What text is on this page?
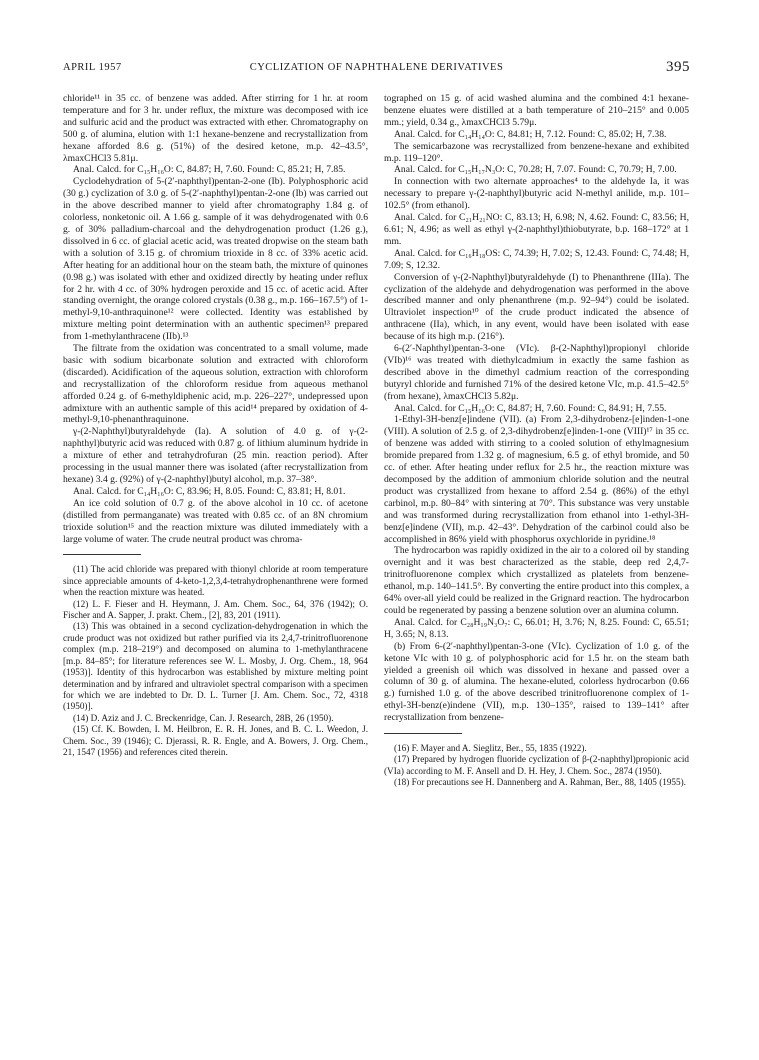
APRIL 1957	CYCLIZATION OF NAPHTHALENE DERIVATIVES	395

chloride¹¹ in 35 cc. of benzene was added. After stirring for 1 hr. at room temperature and for 3 hr. under reflux, the mixture was decomposed with ice and sulfuric acid and the product was extracted with ether. Chromatography on 500 g. of alumina, elution with 1:1 hexane-benzene and recrystallization from hexane afforded 8.6 g. (51%) of the desired ketone, m.p. 42–43.5°, λmaxCHCl3 5.81μ.

Anal. Calcd. for C₁₅H₁₆O: C, 84.87; H, 7.60. Found: C, 85.21; H, 7.85.

Cyclodehydration of 5-(2′-naphthyl)pentan-2-one (Ib). Polyphosphoric acid (30 g.) cyclization of 3.0 g. of 5-(2′-naphthyl)pentan-2-one (Ib) was carried out in the above described manner to yield after chromatography 1.84 g. of colorless, nonketonic oil. A 1.66 g. sample of it was dehydrogenated with 0.6 g. of 30% palladium-charcoal and the dehydrogenation product (1.26 g.), dissolved in 6 cc. of glacial acetic acid, was treated dropwise on the steam bath with a solution of 3.15 g. of chromium trioxide in 8 cc. of 33% acetic acid. After heating for an additional hour on the steam bath, the mixture of quinones (0.98 g.) was isolated with ether and oxidized directly by heating under reflux for 2 hr. with 4 cc. of 30% hydrogen peroxide and 15 cc. of acetic acid. After standing overnight, the orange colored crystals (0.38 g., m.p. 166–167.5°) of 1-methyl-9,10-anthraquinone¹² were collected. Identity was established by mixture melting point determination with an authentic specimen¹³ prepared from 1-methylanthracene (IIb).¹³

The filtrate from the oxidation was concentrated to a small volume, made basic with sodium bicarbonate solution and extracted with chloroform (discarded). Acidification of the aqueous solution, extraction with chloroform and recrystallization of the chloroform residue from aqueous methanol afforded 0.24 g. of 6-methyldiphenic acid, m.p. 226–227°, undepressed upon admixture with an authentic sample of this acid¹⁴ prepared by oxidation of 4-methyl-9,10-phenanthraquinone.

γ-(2-Naphthyl)butyraldehyde (Ia). A solution of 4.0 g. of γ-(2-naphthyl)butyric acid was reduced with 0.87 g. of lithium aluminum hydride in a mixture of ether and tetrahydrofuran (25 min. reaction period). After processing in the usual manner there was isolated (after recrystallization from hexane) 3.4 g. (92%) of γ-(2-naphthyl)butyl alcohol, m.p. 37–38°.

Anal. Calcd. for C₁₄H₁₆O: C, 83.96; H, 8.05. Found: C, 83.81; H, 8.01.

An ice cold solution of 0.7 g. of the above alcohol in 10 cc. of acetone (distilled from permanganate) was treated with 0.85 cc. of an 8N chromium trioxide solution¹⁵ and the reaction mixture was diluted immediately with a large volume of water. The crude neutral product was chroma-

(11) The acid chloride was prepared with thionyl chloride at room temperature since appreciable amounts of 4-keto-1,2,3,4-tetrahydrophenanthrene were formed when the reaction mixture was heated.

(12) L. F. Fieser and H. Heymann, J. Am. Chem. Soc., 64, 376 (1942); O. Fischer and A. Sapper, J. prakt. Chem., [2], 83, 201 (1911).

(13) This was obtained in a second cyclization-dehydrogenation in which the crude product was not oxidized but rather purified via its 2,4,7-trinitrofluorenone complex (m.p. 218–219°) and decomposed on alumina to 1-methylanthracene [m.p. 84–85°; for literature references see W. L. Mosby, J. Org. Chem., 18, 964 (1953)]. Identity of this hydrocarbon was established by mixture melting point determination and by infrared and ultraviolet spectral comparison with a specimen for which we are indebted to Dr. D. L. Turner [J. Am. Chem. Soc., 72, 4318 (1950)].

(14) D. Aziz and J. C. Breckenridge, Can. J. Research, 28B, 26 (1950).

(15) Cf. K. Bowden, I. M. Heilbron, E. R. H. Jones, and B. C. L. Weedon, J. Chem. Soc., 39 (1946); C. Djerassi, R. R. Engle, and A. Bowers, J. Org. Chem., 21, 1547 (1956) and references cited therein.

tographed on 15 g. of acid washed alumina and the combined 4:1 hexane-benzene eluates were distilled at a bath temperature of 210–215° and 0.005 mm.; yield, 0.34 g., λmaxCHCl3 5.79μ.

Anal. Calcd. for C₁₄H₁₄O: C, 84.81; H, 7.12. Found: C, 85.02; H, 7.38.

The semicarbazone was recrystallized from benzene-hexane and exhibited m.p. 119–120°.

Anal. Calcd. for C₁₅H₁₇N₃O: C, 70.28; H, 7.07. Found: C, 70.79; H, 7.00.

In connection with two alternate approaches⁴ to the aldehyde Ia, it was necessary to prepare γ-(2-naphthyl)butyric acid N-methyl anilide, m.p. 101–102.5° (from ethanol).

Anal. Calcd. for C₂₁H₂₁NO: C, 83.13; H, 6.98; N, 4.62. Found: C, 83.56; H, 6.61; N, 4.96; as well as ethyl γ-(2-naphthyl)thiobutyrate, b.p. 168–172° at 1 mm.

Anal. Calcd. for C₁₆H₁₈OS: C, 74.39; H, 7.02; S, 12.43. Found: C, 74.48; H, 7.09; S, 12.32.

Conversion of γ-(2-Naphthyl)butyraldehyde (I) to Phenanthrene (IIIa). The cyclization of the aldehyde and dehydrogenation was performed in the above described manner and only phenanthrene (m.p. 92–94°) could be isolated. Ultraviolet inspection¹⁰ of the crude product indicated the absence of anthracene (IIa), which, in any event, would have been isolated with ease because of its high m.p. (216°).

6-(2′-Naphthyl)pentan-3-one (VIc). β-(2-Naphthyl)propionyl chloride (VIb)¹⁶ was treated with diethylcadmium in exactly the same fashion as described above in the dimethyl cadmium reaction of the corresponding butyryl chloride and furnished 71% of the desired ketone VIc, m.p. 41.5–42.5° (from hexane), λmaxCHCl3 5.82μ.

Anal. Calcd. for C₁₅H₁₆O: C, 84.87; H, 7.60. Found: C, 84.91; H, 7.55.

1-Ethyl-3H-benz[e]indene (VII). (a) From 2,3-dihydrobenz-[e]inden-1-one (VIII). A solution of 2.5 g. of 2,3-dihydrobenz[e]inden-1-one (VIII)¹⁷ in 35 cc. of benzene was added with stirring to a cooled solution of ethylmagnesium bromide prepared from 1.32 g. of magnesium, 6.5 g. of ethyl bromide, and 50 cc. of ether. After heating under reflux for 2.5 hr., the reaction mixture was decomposed by the addition of ammonium chloride solution and the neutral product was crystallized from hexane to afford 2.54 g. (86%) of the ethyl carbinol, m.p. 80–84° with sintering at 70°. This substance was very unstable and was transformed during recrystallization from ethanol into 1-ethyl-3H-benz[e]indene (VII), m.p. 42–43°. Dehydration of the carbinol could also be accomplished in 86% yield with phosphorus oxychloride in pyridine.¹⁸

The hydrocarbon was rapidly oxidized in the air to a colored oil by standing overnight and it was best characterized as the stable, deep red 2,4,7-trinitrofluorenone complex which crystallized as platelets from benzene-ethanol, m.p. 140–141.5°. By converting the entire product into this complex, a 64% over-all yield could be realized in the Grignard reaction. The hydrocarbon could be regenerated by passing a benzene solution over an alumina column.

Anal. Calcd. for C₂₈H₁₉N₃O₇: C, 66.01; H, 3.76; N, 8.25. Found: C, 65.51; H, 3.65; N, 8.13.

(b) From 6-(2′-naphthyl)pentan-3-one (VIc). Cyclization of 1.0 g. of the ketone VIc with 10 g. of polyphosphoric acid for 1.5 hr. on the steam bath yielded a greenish oil which was dissolved in hexane and passed over a column of 30 g. of alumina. The hexane-eluted, colorless hydrocarbon (0.66 g.) furnished 1.0 g. of the above described trinitrofluorenone complex of 1-ethyl-3H-benz(e)indene (VII), m.p. 130–135°, raised to 139–141° after recrystallization from benzene-

(16) F. Mayer and A. Sieglitz, Ber., 55, 1835 (1922).

(17) Prepared by hydrogen fluoride cyclization of β-(2-naphthyl)propionic acid (VIa) according to M. F. Ansell and D. H. Hey, J. Chem. Soc., 2874 (1950).

(18) For precautions see H. Dannenberg and A. Rahman, Ber., 88, 1405 (1955).
